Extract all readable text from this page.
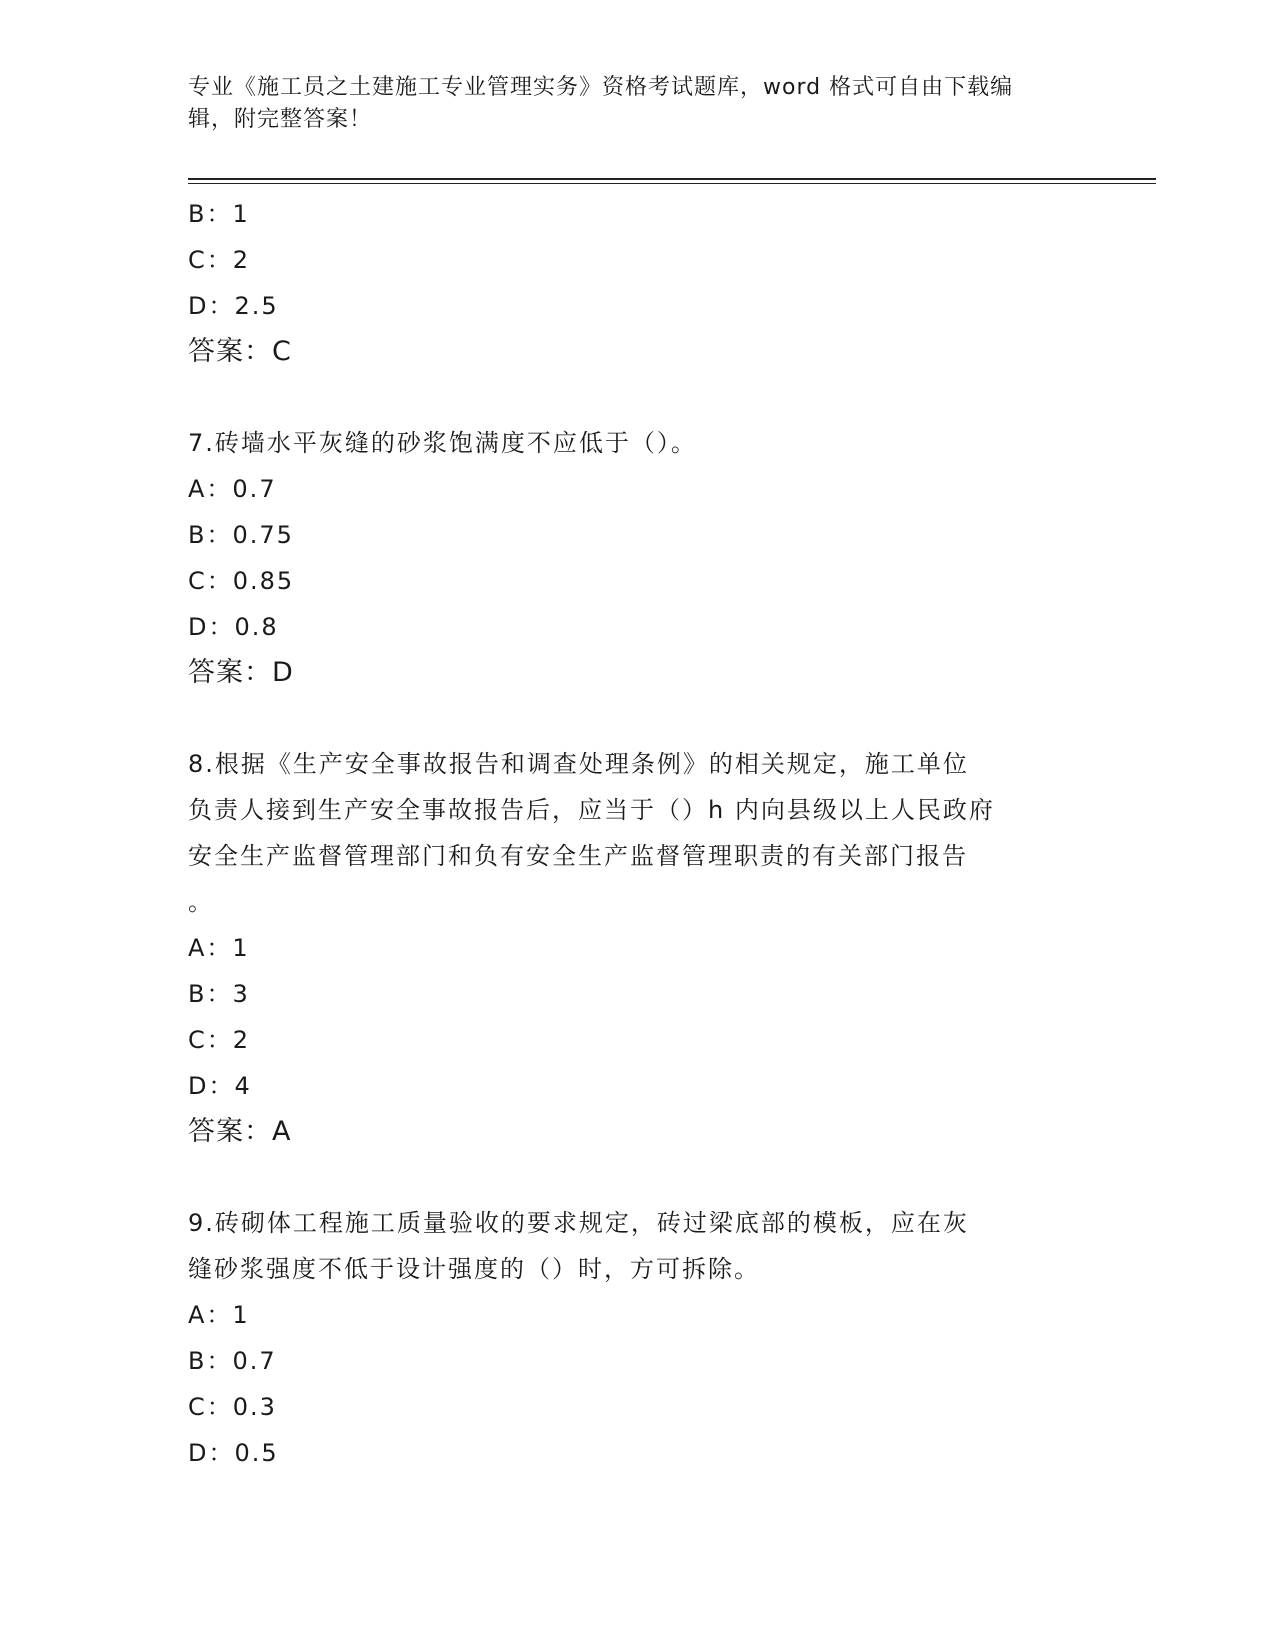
专业《施工员之土建施工专业管理实务》资格考试题库，word 格式可自由下载编
辑，附完整答案！
B：1
C：2
D：2.5
答案：C
7.砖墙水平灰缝的砂浆饱满度不应低于（）。
A：0.7
B：0.75
C：0.85
D：0.8
答案：D
8.根据《生产安全事故报告和调查处理条例》的相关规定，施工单位
负责人接到生产安全事故报告后，应当于（）h 内向县级以上人民政府
安全生产监督管理部门和负有安全生产监督管理职责的有关部门报告
。
A：1
B：3
C：2
D：4
答案：A
9.砖砌体工程施工质量验收的要求规定，砖过梁底部的模板，应在灰
缝砂浆强度不低于设计强度的（）时，方可拆除。
A：1
B：0.7
C：0.3
D：0.5
